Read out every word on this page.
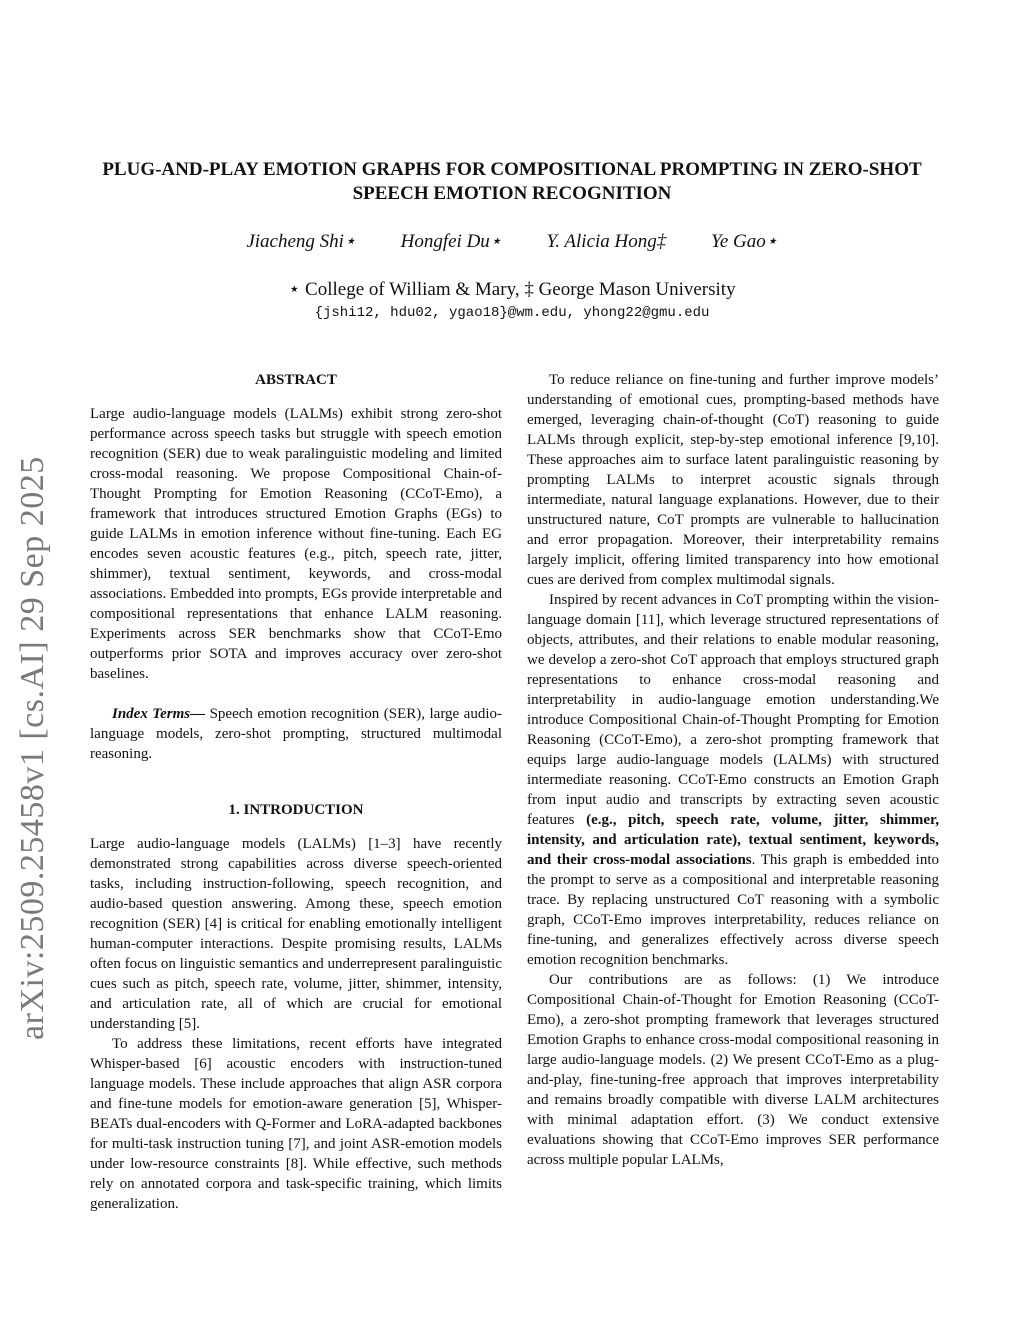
PLUG-AND-PLAY EMOTION GRAPHS FOR COMPOSITIONAL PROMPTING IN ZERO-SHOT
SPEECH EMOTION RECOGNITION
Jiacheng Shi⋆ Hongfei Du⋆ Y. Alicia Hong‡ Ye Gao⋆
⋆ College of William & Mary, ‡ George Mason University
{jshi12, hdu02, ygao18}@wm.edu, yhong22@gmu.edu
arXiv:2509.25458v1 [cs.AI] 29 Sep 2025
ABSTRACT

Large audio-language models (LALMs) exhibit strong zero-shot performance across speech tasks but struggle with speech emotion recognition (SER) due to weak paralinguistic modeling and limited cross-modal reasoning. We propose Compositional Chain-of-Thought Prompting for Emotion Reasoning (CCoT-Emo), a framework that introduces structured Emotion Graphs (EGs) to guide LALMs in emotion inference without fine-tuning. Each EG encodes seven acoustic features (e.g., pitch, speech rate, jitter, shimmer), textual sentiment, keywords, and cross-modal associations. Embedded into prompts, EGs provide interpretable and compositional representations that enhance LALM reasoning. Experiments across SER benchmarks show that CCoT-Emo outperforms prior SOTA and improves accuracy over zero-shot baselines.

Index Terms— Speech emotion recognition (SER), large audio-language models, zero-shot prompting, structured multimodal reasoning.

1. INTRODUCTION

Large audio-language models (LALMs) [1–3] have recently demonstrated strong capabilities across diverse speech-oriented tasks, including instruction-following, speech recognition, and audio-based question answering. Among these, speech emotion recognition (SER) [4] is critical for enabling emotionally intelligent human-computer interactions. Despite promising results, LALMs often focus on linguistic semantics and underrepresent paralinguistic cues such as pitch, speech rate, volume, jitter, shimmer, intensity, and articulation rate, all of which are crucial for emotional understanding [5].

To address these limitations, recent efforts have integrated Whisper-based [6] acoustic encoders with instruction-tuned language models. These include approaches that align ASR corpora and fine-tune models for emotion-aware generation [5], Whisper-BEATs dual-encoders with Q-Former and LoRA-adapted backbones for multi-task instruction tuning [7], and joint ASR-emotion models under low-resource constraints [8]. While effective, such methods rely on annotated corpora and task-specific training, which limits generalization.

To reduce reliance on fine-tuning and further improve models’ understanding of emotional cues, prompting-based methods have emerged, leveraging chain-of-thought (CoT) reasoning to guide LALMs through explicit, step-by-step emotional inference [9,10]. These approaches aim to surface latent paralinguistic reasoning by prompting LALMs to interpret acoustic signals through intermediate, natural language explanations. However, due to their unstructured nature, CoT prompts are vulnerable to hallucination and error propagation. Moreover, their interpretability remains largely implicit, offering limited transparency into how emotional cues are derived from complex multimodal signals.

Inspired by recent advances in CoT prompting within the vision-language domain [11], which leverage structured representations of objects, attributes, and their relations to enable modular reasoning, we develop a zero-shot CoT approach that employs structured graph representations to enhance cross-modal reasoning and interpretability in audio-language emotion understanding.We introduce Compositional Chain-of-Thought Prompting for Emotion Reasoning (CCoT-Emo), a zero-shot prompting framework that equips large audio-language models (LALMs) with structured intermediate reasoning. CCoT-Emo constructs an Emotion Graph from input audio and transcripts by extracting seven acoustic features (e.g., pitch, speech rate, volume, jitter, shimmer, intensity, and articulation rate), textual sentiment, keywords, and their cross-modal associations. This graph is embedded into the prompt to serve as a compositional and interpretable reasoning trace. By replacing unstructured CoT reasoning with a symbolic graph, CCoT-Emo improves interpretability, reduces reliance on fine-tuning, and generalizes effectively across diverse speech emotion recognition benchmarks.

Our contributions are as follows: (1) We introduce Compositional Chain-of-Thought for Emotion Reasoning (CCoT-Emo), a zero-shot prompting framework that leverages structured Emotion Graphs to enhance cross-modal compositional reasoning in large audio-language models. (2) We present CCoT-Emo as a plug-and-play, fine-tuning-free approach that improves interpretability and remains broadly compatible with diverse LALM architectures with minimal adaptation effort. (3) We conduct extensive evaluations showing that CCoT-Emo improves SER performance across multiple popular LALMs,
